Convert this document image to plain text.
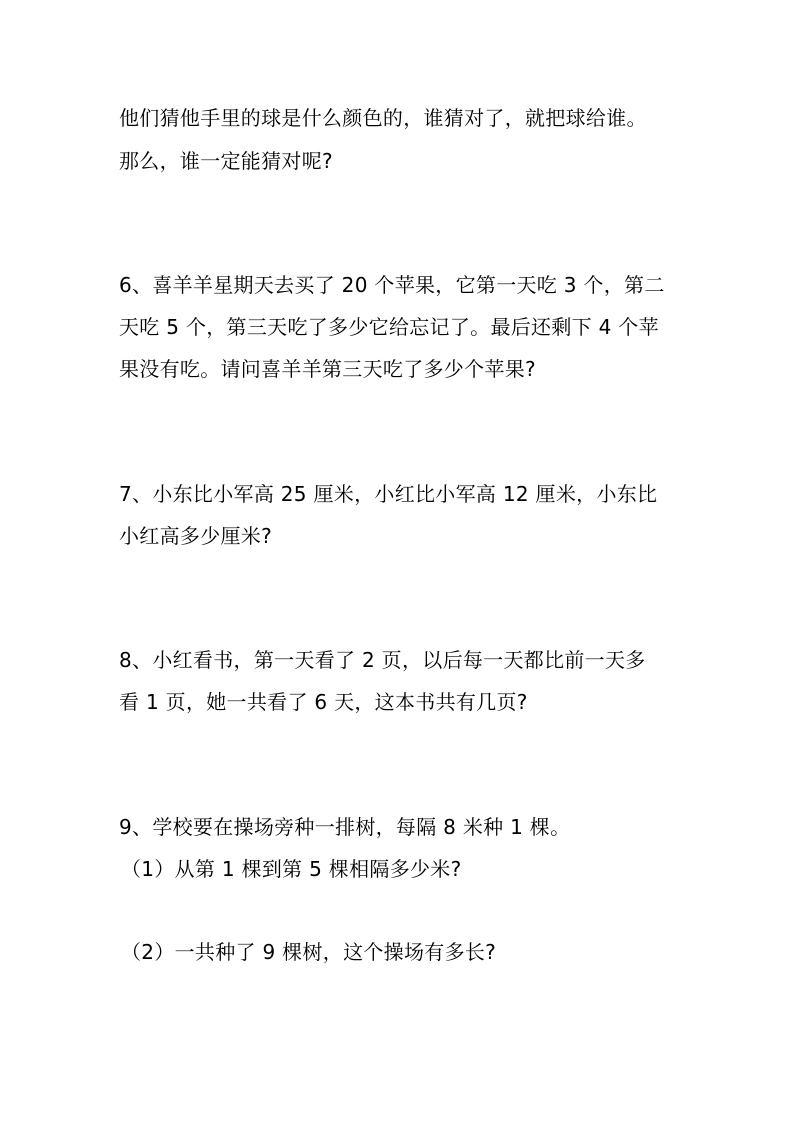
他们猜他手里的球是什么颜色的，谁猜对了，就把球给谁。
那么，谁一定能猜对呢?
6、喜羊羊星期天去买了 20 个苹果，它第一天吃 3 个，第二
天吃 5 个，第三天吃了多少它给忘记了。最后还剩下 4 个苹
果没有吃。请问喜羊羊第三天吃了多少个苹果?
7、小东比小军高 25 厘米，小红比小军高 12 厘米，小东比
小红高多少厘米?
8、小红看书，第一天看了 2 页，以后每一天都比前一天多
看 1 页，她一共看了 6 天，这本书共有几页?
9、学校要在操场旁种一排树，每隔 8 米种 1 棵。
（1）从第 1 棵到第 5 棵相隔多少米?
（2）一共种了 9 棵树，这个操场有多长?
